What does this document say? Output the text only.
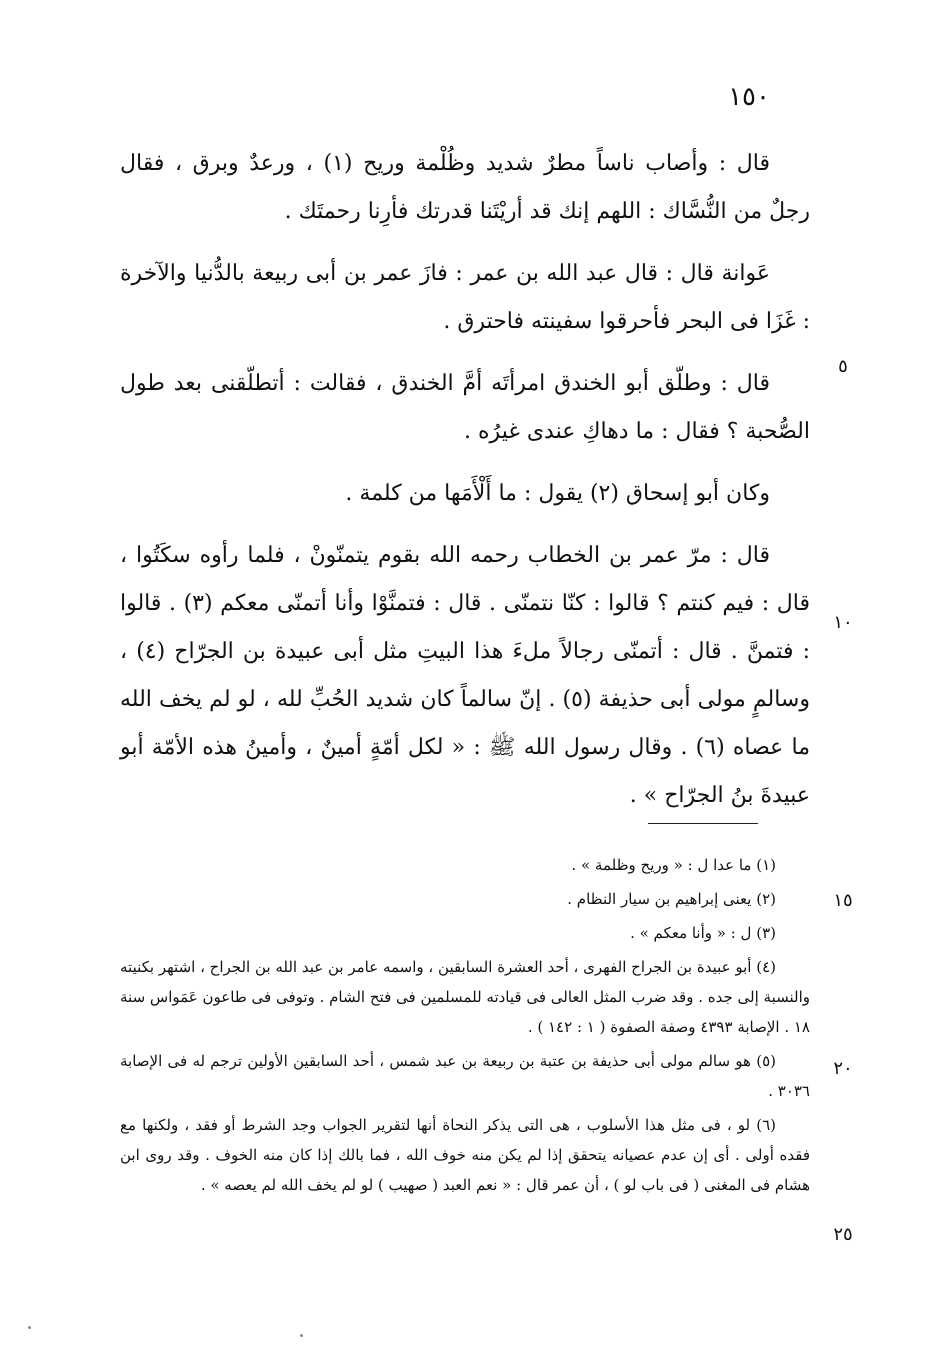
١٥٠

قال : وأصاب ناساً مطرٌ شديد وظُلْمة وريح (١) ، ورعدٌ وبرق ، فقال رجلٌ من النُّسَّاك : اللهم إنك قد أريْتَنا قدرتك فأرِنا رحمتَك .

عَوانة قال : قال عبد الله بن عمر : فازَ عمر بن أبى ربيعة بالدُّنيا والآخرة : غَزَا فى البحر فأحرقوا سفينته فاحترق .

قال : وطلّق أبو الخندق امرأتَه أمَّ الخندق ، فقالت : أتطلّقنى بعد طول الصُّحبة ؟ فقال : ما دهاكِ عندى غيرُه .

وكان أبو إسحاق (٢) يقول : ما أَلْأَمَها من كلمة .

قال : مرّ عمر بن الخطاب رحمه الله بقوم يتمنّونْ ، فلما رأوه سكَتُوا ، قال : فيم كنتم ؟ قالوا : كنّا نتمنّى . قال : فتمنَّوْا وأنا أتمنّى معكم (٣) . قالوا : فتمنَّ . قال : أتمنّى رجالاً ملءَ هذا البيتِ مثل أبى عبيدة بن الجرّاح (٤) ، وسالمٍ مولى أبى حذيفة (٥) . إنّ سالماً كان شديد الحُبِّ لله ، لو لم يخف الله ما عصاه (٦) . وقال رسول الله ﷺ : « لكل أمّةٍ أمينٌ ، وأمينُ هذه الأمّة أبو عبيدةَ بنُ الجرّاح » .

(١) ما عدا ل : « وريح وظلمة » .

(٢) يعنى إبراهيم بن سيار النظام .

(٣) ل : « وأنا معكم » .

(٤) أبو عبيدة بن الجراح الفهرى ، أحد العشرة السابقين ، واسمه عامر بن عبد الله بن الجراح ، اشتهر بكنيته والنسبة إلى جده . وقد ضرب المثل العالى فى قيادته للمسلمين فى فتح الشام . وتوفى فى طاعون عَمَواس سنة ١٨ . الإصابة ٤٣٩٣ وصفة الصفوة ( ١ : ١٤٢ ) .

(٥) هو سالم مولى أبى حذيفة بن عتبة بن ربيعة بن عبد شمس ، أحد السابقين الأولين ترجم له فى الإصابة ٣٠٣٦ .

(٦) لو ، فى مثل هذا الأسلوب ، هى التى يذكر النحاة أنها لتقرير الجواب وجد الشرط أو فقد ، ولكنها مع فقده أولى . أى إن عدم عصيانه يتحقق إذا لم يكن منه خوف الله ، فما بالك إذا كان منه الخوف . وقد روى ابن هشام فى المغنى ( فى باب لو ) ، أن عمر قال : « نعم العبد ( صهيب ) لو لم يخف الله لم يعصه » .

٥
١٠
١٥
٢٠
٢٥
